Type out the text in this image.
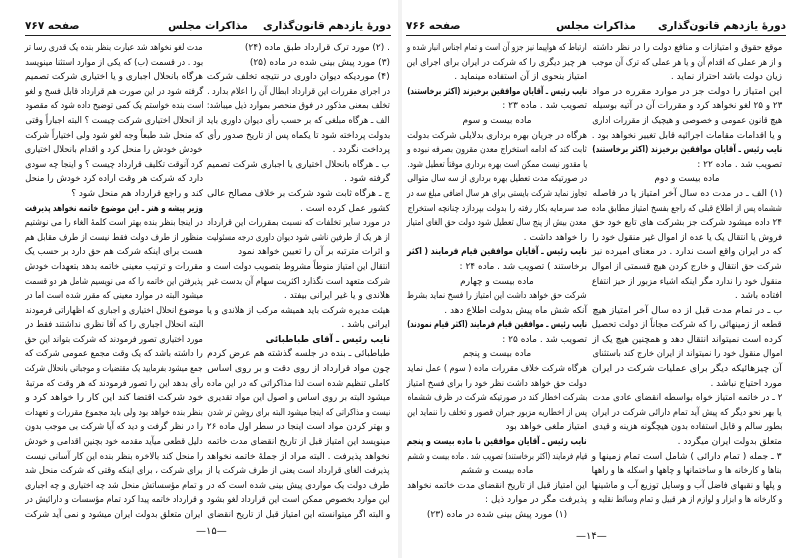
دورهٔ یازدهم قانون‌گذاری
مذاکرات مجلس
صفحه ۷۶۷
. (۲) مورد ترک قرارداد طبق ماده (۲۴)
(۳) مورد پیش بینی شده در ماده (۲۵)
(۴) موردیکه دیوان داوری در نتیجه تخلف شرکت
در اجرای مقررات این قرارداد ابطال آن را اعلام بدارد .
تخلف بمعنی مذکور در فوق منحصر بموارد ذیل میباشد:
الف ـ هرگاه مبلغی که بر حسب رأی دیوان داوری باید
بدولت پرداخته شود تا یکماه پس از تاریخ صدور رأی
پرداخت نگردد .
ب ـ هرگاه بانحلال اختیاری یا اجباری شرکت تصمیم
گرفته شود .
ج ـ هرگاه ثابت شود شرکت بر خلاف مصالح عالی
کشور عمل کرده است .
در مورد سایر تخلفات که نسبت بمقررات این قرارداد
از هر یک از طرفین ناشی شود دیوان داوری درجه مسئولیت
و اثرات مترتبه بر آن را تعیین خواهد نمود
انتقال این امتیاز منوطاً مشروط بتصویب دولت است و
شرکت متعهد است نگذارد اکثریت سهام آن بدست غیر
هلاندی و یا غیر ایرانی بیفتد .
هیئت مدیره شرکت باید همیشه مرکب از هلاندی و یا
ایرانی باشد .
نایب رئیس ـ آقای طباطبائی
طباطبائی ـ بنده در جلسه گذشته هم عرض کردم
چون مواد قرارداد از روی دقت و بر روی اساس
کاملی تنظیم شده است لذا مذاکراتی که در این ماده
میشود البته بر روی اساس و اصول این مواد تقدیری
نیست و مذاکراتی که اینجا میشود البته برای روشن تر شدن
و بهتر کردن مواد است اینجا در سطر اول ماده ۲۶
مینویسد این امتیاز قبل از تاریخ انقضای مدت خاتمه
نخواهد پذیرفت . البته مراد از جملهٔ خاتمه نخواهد
پذیرفت الغای قرارداد است یعنی از طرف شرکت یا از
طرف دولت یک مواردی پیش بینی شده است که در
این موارد بخصوص ممکن است این قرارداد لغو بشود
و البته اگر میتوانسته این امتیاز قبل از تاریخ انقضای
مدت لغو نخواهد شد عبارت بنظر بنده یک قدری رسا تر
بود . در قسمت (ب) که یکی از موارد استثنا مینویسد
هرگاه بانحلال اجباری و یا اختیاری شرکت تصمیم
گرفته شود در این صورت هم قرارداد قابل فسخ و لغو
است بنده خواستم یک کمی توضیح داده شود که مقصود
از انحلال اختیاری شرکت چیست ؟ البته اجباراً وقتی
که منحل شد طبعاً وجه لغو شود ولی اختیاراً شرکت
خودش خودش را منحل کرد و اقدام بانحلال اختیاری
کرد آنوقت تکلیف قرارداد چیست ؟ و اینجا چه سودی
دارد که شرکت هر وقت اراده کرد خودش را منحل
کند و راجع قرارداد هم منحل شود ؟
وزیر پیشه و هنر ـ این موضوع خاتمه نخواهد پذیرفت
در اینجا بنظر بنده بهتر است کلمهٔ الغاء را می نوشتیم
منظور از طرف دولت فقط نیست از طرف مقابل هم
هست برای اینکه شرکت هم حق دارد بر حسب یک
مقررات و ترتیب معینی خاتمه بدهد بتعهدات خودش
پذیرفتن این خاتمه را که می نویسیم شامل هر دو قسمت
میشود البته در موارد معینی که مقرر شده است اما در
موضوع انحلال اختیاری و اجباری که اظهاراتی فرمودند
البته انحلال اجباری را که آقا نظری نداشتند فقط در
مورد اختیاری تصور فرمودند که شرکت بتواند این حق
را داشته باشد که یک وقت مجمع عمومی شرکت که
جمع میشود بفرمایید یک مقتضیات و موجباتی بانحلال شرکت
رأی بدهد این را تصور فرمودند که هر وقت که مرتبهٔ
خود شرکت اقتضا کند این کار را خواهد کرد و
بنظر بنده خواهد بود ولی باید مجموع مقررات و تعهدات
را در نظر گرفت و دید که آیا شرکت بی موجب بدون
دلیل قطعی میآید مقدمه خود بچنین اقدامی و خودش
را منحل کند بالاخره بنظر بنده این کار آسانی نیست
برای شرکت ، برای اینکه وقتی که شرکت منحل شد
و تمام مؤسساتش منحل شد چه اختیاری و چه اجباری
و قرارداد خاتمه پیدا کرد تمام مؤسسات و دارائیش در
ایران متعلق بدولت ایران میشود و نمی آید شرکت
—۱۵—
دورهٔ یازدهم قانون‌گذاری
مذاکرات مجلس
صفحه ۷۶۶
موقع حقوق و امتیازات و منافع دولت را در نظر داشته
و از هر عملی که اقدام آن و یا هر عملی که ترک آن موجب
زیان دولت باشد احتراز نماید .
این امتیاز را دولت جز در موارد مقرره در مواد
۲۳ و ۲۵ لغو نخواهد کرد و مقررات آن در آتیه بوسیله
هیچ قانون عمومی و خصوصی و هیچیک از مقررات اداری
و یا اقدامات مقامات اجرائیه قابل تغییر نخواهد بود .
نایب رئیس ـ آقایان موافقین برخیزند (اکثر برخاستند)
تصویب شد . ماده ۲۲ :
ماده بیست و دوم
(۱) الف ـ در مدت ده سال آخر امتیاز یا در فاصله
ششماه پس از اطلاع قبلی که راجع بفسخ امتیاز مطابق ماده
۲۴ داده میشود شرکت جز بشرکت های تابع خود حق
فروش یا انتقال یک یا عده از اموال غیر منقول خود را
که در ایران واقع است ندارد . در معنای امیرده نیز
شرکت حق انتقال و خارج کردن هیچ قسمتی از اموال
منقول خود را ندارد مگر اینکه اشیاء مزبور از حیز انتفاع
افتاده باشد .
ب ـ در تمام مدت قبل از ده سال آخر امتیاز هیچ
قطعه از زمینهائی را که شرکت مجاناً از دولت تحصیل
کرده است نمیتواند انتقال دهد و همچنین هیچ یک از
اموال منقول خود را نمیتواند از ایران خارج کند باستثنای
آن چیزهائیکه دیگر برای عملیات شرکت در ایران
مورد احتیاج نباشد .
۲ ـ در خاتمه امتیاز خواه بواسطه انقضای عادی مدت
یا بهر نحو دیگر که پیش آید تمام دارائی شرکت در ایران
بطور سالم و قابل استفاده بدون هیچگونه هزینه و قیدی
متعلق بدولت ایران میگردد .
۳ ـ جمله ( تمام دارائی ) شامل است تمام زمینها و
بناها و کارخانه ها و ساختمانها و چاهها و اسکله ها و راهها
و پلها و نقبهای فاضل آب و وسایل توزیع آب و ماشینها
و کارخانه ها و ابزار و لوازم از هر قبیل و تمام وسائط نقلیه و
ارتباط که هواپیما نیز جزو آن است و تمام اجناس انبار شده و
هر چیز دیگری را که شرکت در ایران برای اجرای این
امتیاز بنحوی از آن استفاده مینماید .
نایب رئیس ـ آقایان موافقین برخیزند (اکثر برخاستند)
تصویب شد . ماده ۲۳ :
ماده بیست و سوم
هرگاه در جریان بهره برداری بدلایلی شرکت بدولت
ثابت کند که ادامه استخراج معدن مقرون بصرفه نبوده و
یا مقدور نیست ممکن است بهره برداری موقتاً تعطیل شود.
در صورتیکه مدت تعطیل بهره برداری از سه سال متوالی
تجاوز نماید شرکت بایستی برای هر سال اضافی مبلغ سه در
صد سرمایه بکار رفته را بدولت بپردازد چنانچه استخراج
معدن بیش از پنج سال تعطیل شود دولت حق الغای امتیاز
را خواهد داشت .
نایب رئیس ـ آقایان موافقین قیام فرمایند ( اکثر
برخاستند ) تصویب شد . ماده ۲۴ :
ماده بیست و چهارم
شرکت حق خواهد داشت این امتیاز را فسخ نماید بشرط
آنکه شش ماه پیش بدولت اطلاع دهد .
نایب رئیس ـ موافقین قیام فرمایند (اکثر قیام نمودند)
تصویب شد . ماده ۲۵ :
ماده بیست و پنجم
هرگاه شرکت خلاف مقررات ماده ( سوم ) عمل نماید
دولت حق خواهد داشت نظر خود را برای فسخ امتیاز
بشرکت اخطار کند در صورتیکه شرکت در ظرف ششماه
پس از اخطاریه مزبور جبران قصور و تخلف را ننماید این
امتیاز ملغی خواهد بود
نایب رئیس ـ آقایان موافقین با ماده بیست و پنجم
قیام فرمایند (اکثر برخاستند) تصویب شد . ماده بیست و ششم
ماده بیست و ششم
این امتیاز قبل از تاریخ انقضای مدت خاتمه نخواهد
پذیرفت مگر در موارد ذیل :
(۱) مورد پیش بینی شده در ماده (۲۳)
—۱۴—
